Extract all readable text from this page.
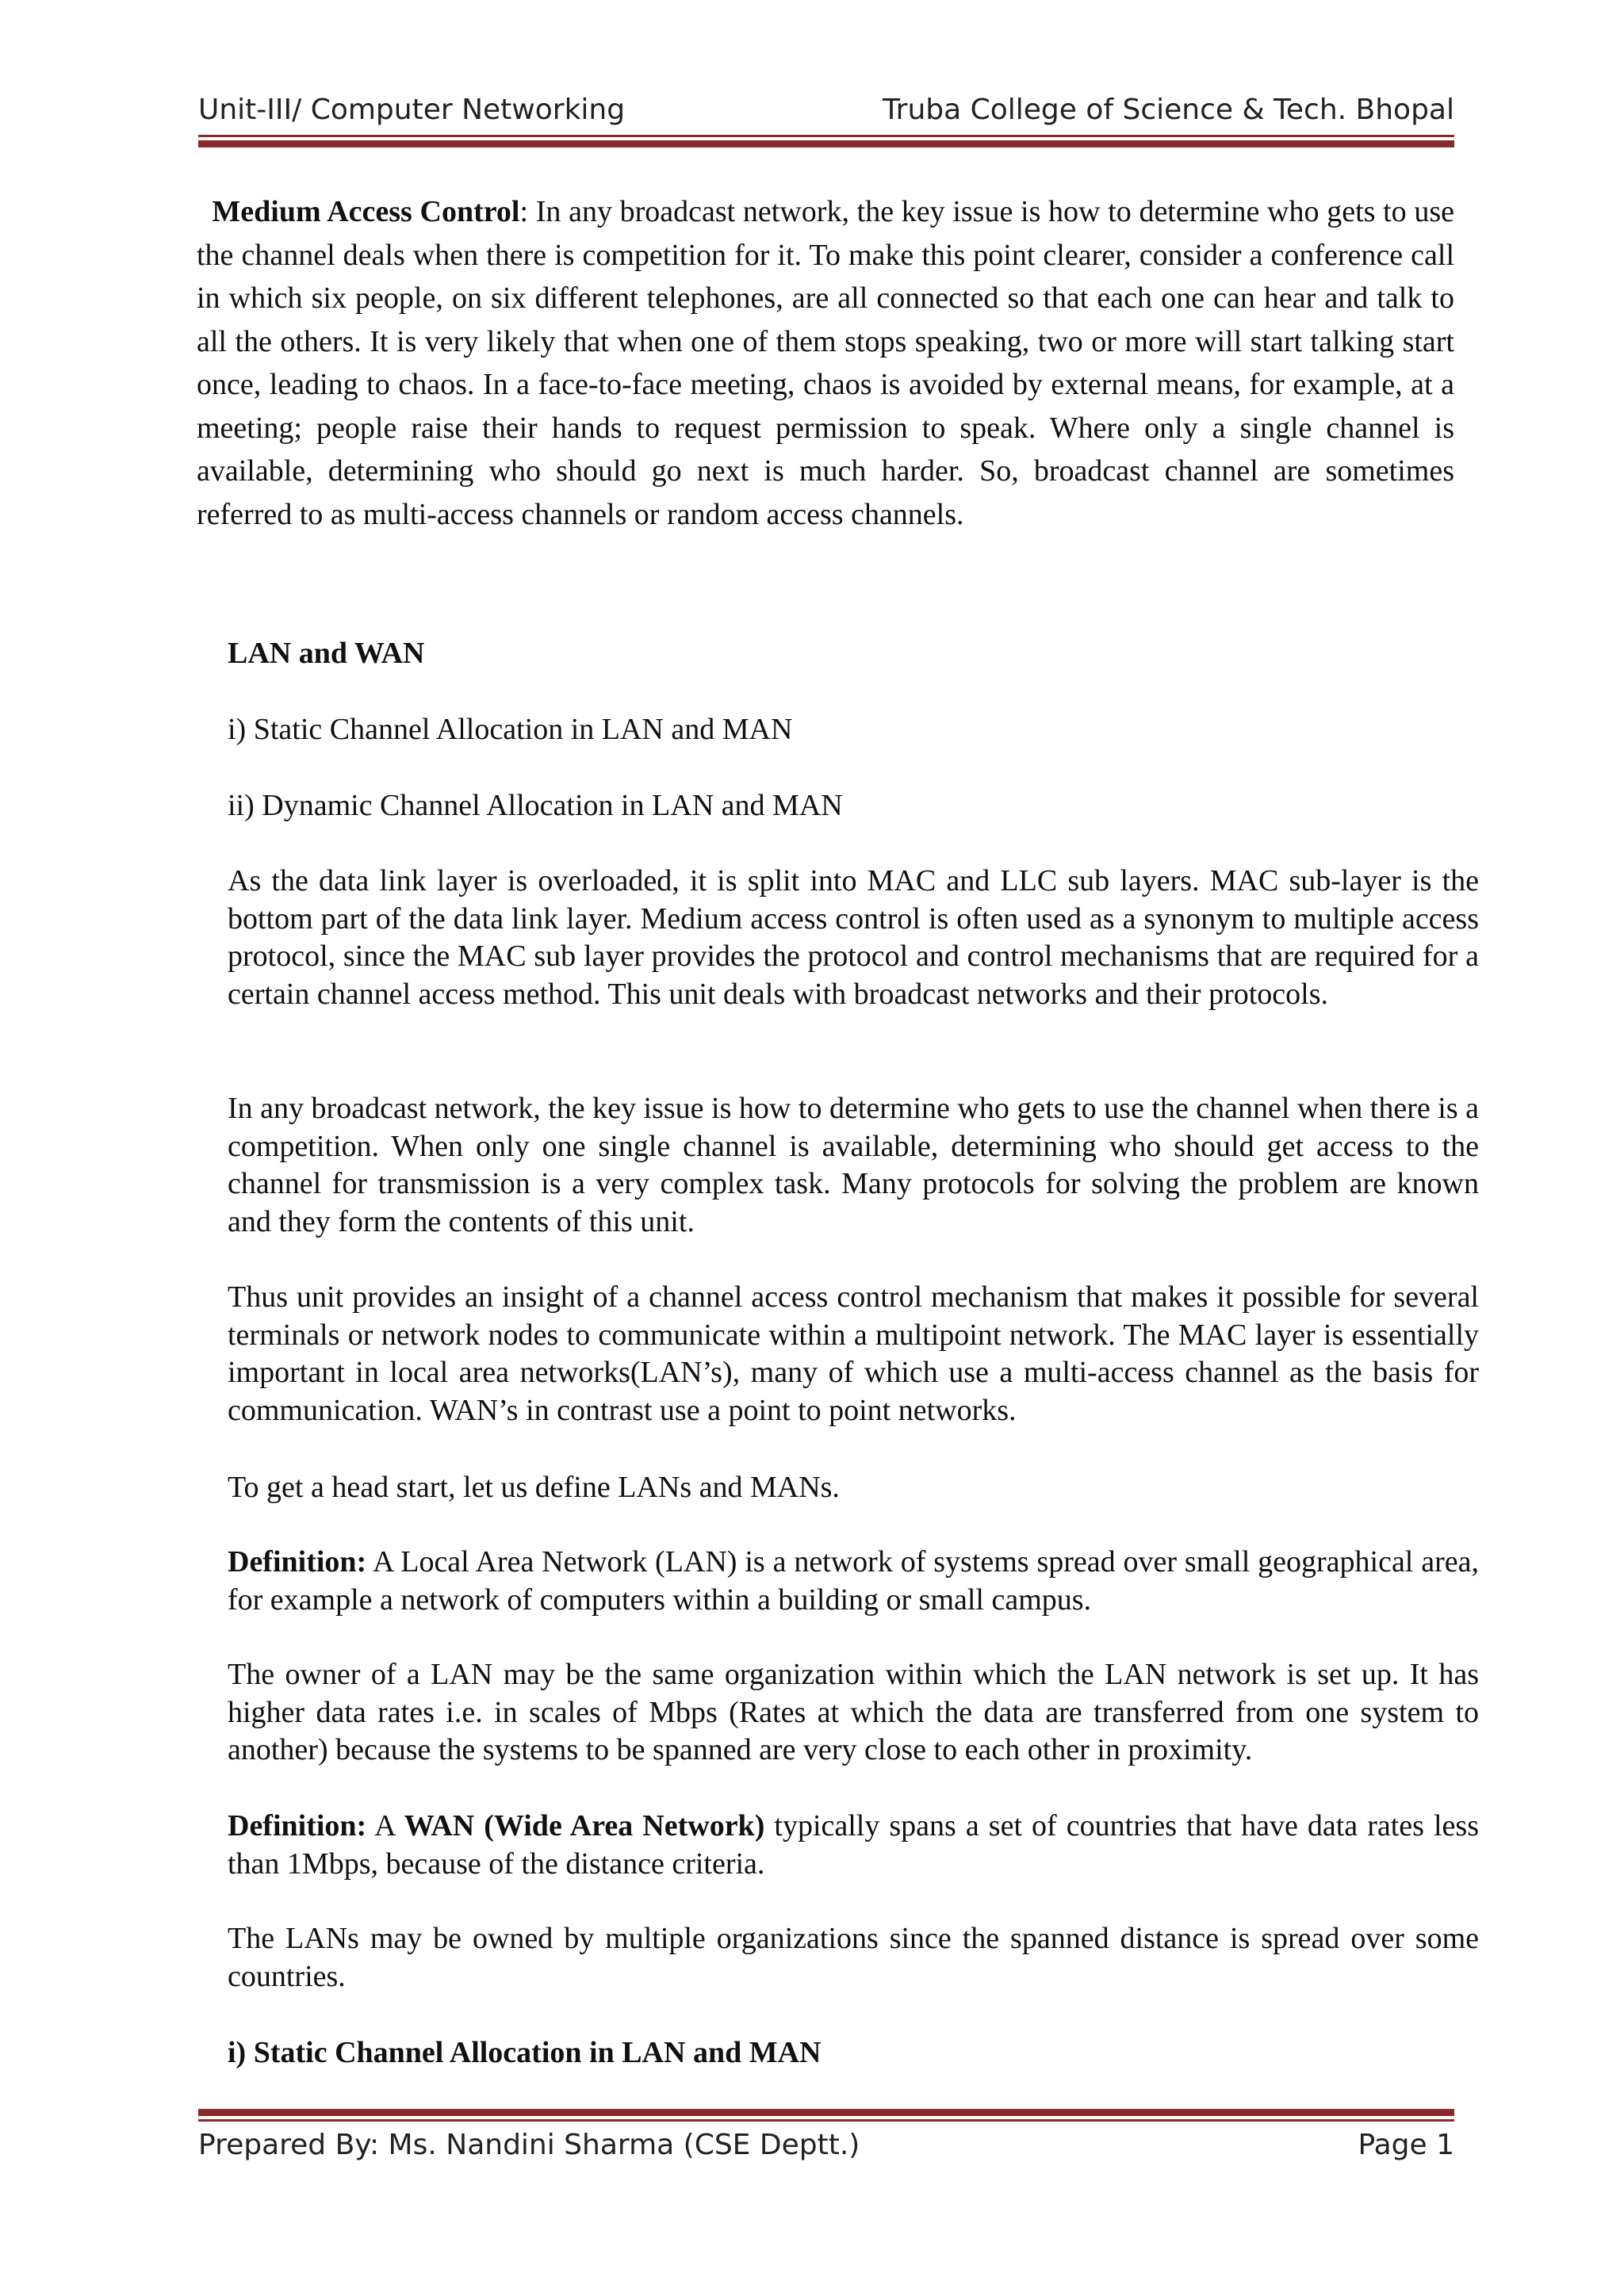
Unit-III/ Computer Networking	Truba College of Science & Tech. Bhopal

Medium Access Control: In any broadcast network, the key issue is how to determine who gets to use the channel deals when there is competition for it. To make this point clearer, consider a conference call in which six people, on six different telephones, are all connected so that each one can hear and talk to all the others. It is very likely that when one of them stops speaking, two or more will start talking start once, leading to chaos. In a face-to-face meeting, chaos is avoided by external means, for example, at a meeting; people raise their hands to request permission to speak. Where only a single channel is available, determining who should go next is much harder. So, broadcast channel are sometimes referred to as multi-access channels or random access channels.

LAN and WAN

i) Static Channel Allocation in LAN and MAN

ii) Dynamic Channel Allocation in LAN and MAN

As the data link layer is overloaded, it is split into MAC and LLC sub layers. MAC sub-layer is the bottom part of the data link layer. Medium access control is often used as a synonym to multiple access protocol, since the MAC sub layer provides the protocol and control mechanisms that are required for a certain channel access method. This unit deals with broadcast networks and their protocols.

In any broadcast network, the key issue is how to determine who gets to use the channel when there is a competition. When only one single channel is available, determining who should get access to the channel for transmission is a very complex task. Many protocols for solving the problem are known and they form the contents of this unit.

Thus unit provides an insight of a channel access control mechanism that makes it possible for several terminals or network nodes to communicate within a multipoint network. The MAC layer is essentially important in local area networks(LAN’s), many of which use a multi-access channel as the basis for communication. WAN’s in contrast use a point to point networks.

To get a head start, let us define LANs and MANs.

Definition: A Local Area Network (LAN) is a network of systems spread over small geographical area, for example a network of computers within a building or small campus.

The owner of a LAN may be the same organization within which the LAN network is set up. It has higher data rates i.e. in scales of Mbps (Rates at which the data are transferred from one system to another) because the systems to be spanned are very close to each other in proximity.

Definition: A WAN (Wide Area Network) typically spans a set of countries that have data rates less than 1Mbps, because of the distance criteria.

The LANs may be owned by multiple organizations since the spanned distance is spread over some countries.

i) Static Channel Allocation in LAN and MAN

Prepared By: Ms. Nandini Sharma (CSE Deptt.)	Page 1
